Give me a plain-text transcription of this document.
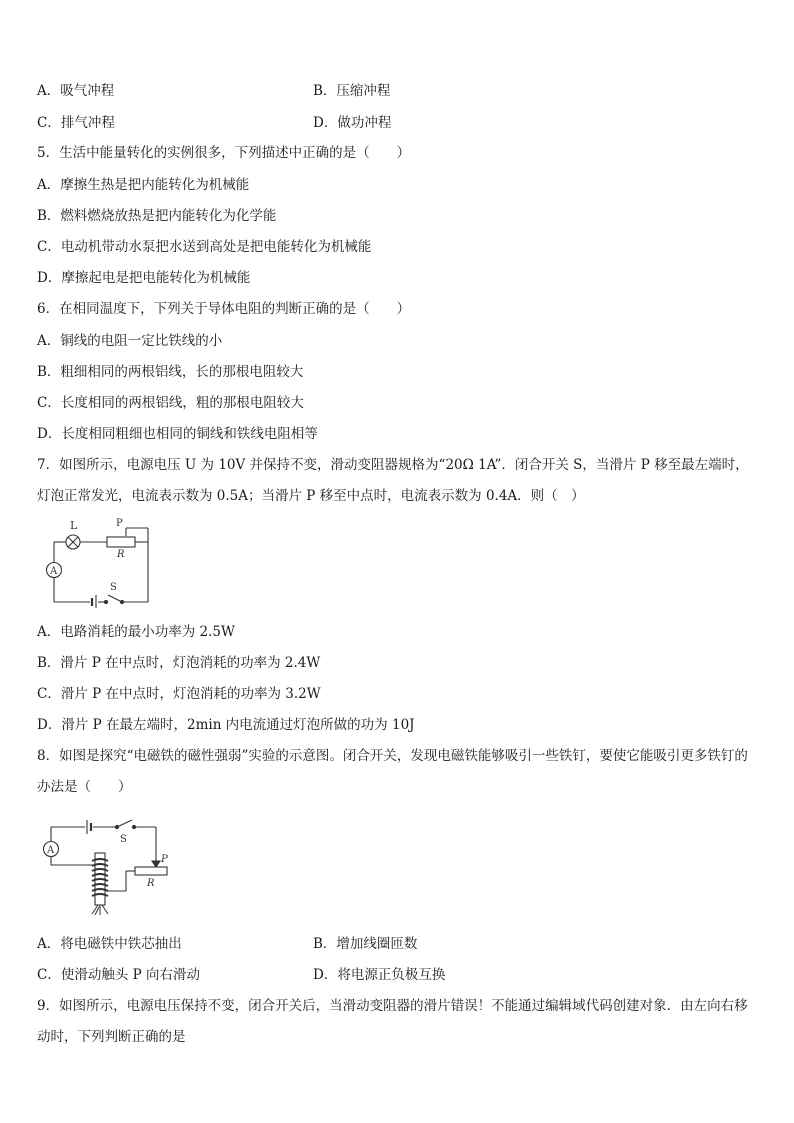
A．吸气冲程	B．压缩冲程
C．排气冲程	D．做功冲程
5．生活中能量转化的实例很多，下列描述中正确的是（　　）
A．摩擦生热是把内能转化为机械能
B．燃料燃烧放热是把内能转化为化学能
C．电动机带动水泵把水送到高处是把电能转化为机械能
D．摩擦起电是把电能转化为机械能
6．在相同温度下，下列关于导体电阻的判断正确的是（　　）
A．铜线的电阻一定比铁线的小
B．粗细相同的两根铝线，长的那根电阻较大
C．长度相同的两根铝线，粗的那根电阻较大
D．长度相同粗细也相同的铜线和铁线电阻相等
7．如图所示，电源电压 U 为 10V 并保持不变，滑动变阻器规格为“20Ω 1A”．闭合开关 S，当滑片 P 移至最左端时，灯泡正常发光，电流表示数为 0.5A；当滑片 P 移至中点时，电流表示数为 0.4A．则（　）
L	P
R
A
S
A．电路消耗的最小功率为 2.5W
B．滑片 P 在中点时，灯泡消耗的功率为 2.4W
C．滑片 P 在中点时，灯泡消耗的功率为 3.2W
D．滑片 P 在最左端时，2min 内电流通过灯泡所做的功为 10J
8．如图是探究“电磁铁的磁性强弱”实验的示意图。闭合开关，发现电磁铁能够吸引一些铁钉，要使它能吸引更多铁钉的办法是（　　）
A
S
P
R
A．将电磁铁中铁芯抽出	B．增加线圈匝数
C．使滑动触头 P 向右滑动	D．将电源正负极互换
9．如图所示，电源电压保持不变，闭合开关后，当滑动变阻器的滑片错误！不能通过编辑域代码创建对象．由左向右移动时，下列判断正确的是
